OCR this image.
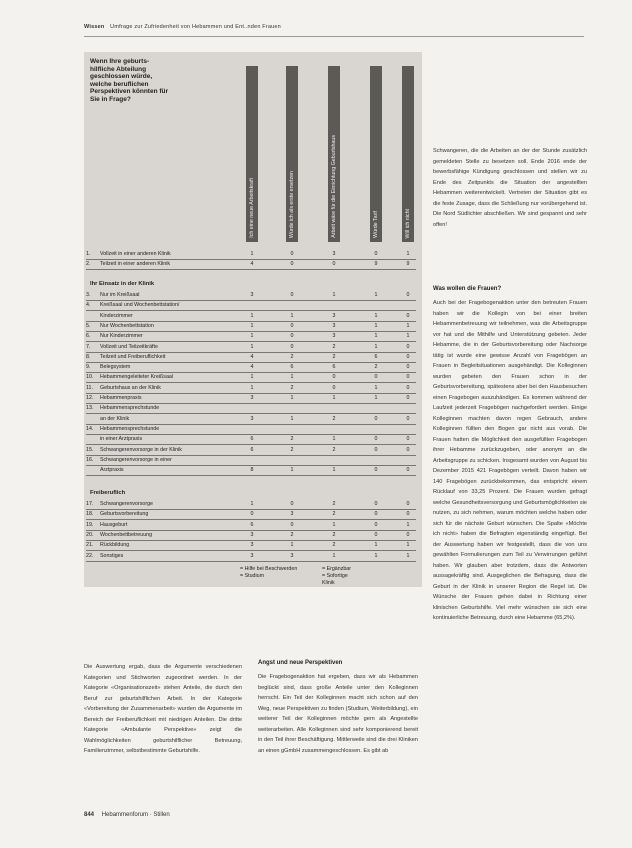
Wissen Umfrage zur Zufriedenheit von Hebammen und Ent..nden Frauen
Wenn Ihre geburts-hilfliche Abteilung geschlossen würde, welche beruflichen Perspektiven könnten für Sie in Frage?
Ich eine neue Arbeitskraft	Würde ich als erste ersetzen	Arbeit wäre für die Einrichtung Geburtshaus	Würde Tarif	Will ich nicht
1. Vollzeit in einer anderen Klinik	1	0	3	0	1
2. Teilzeit in einer anderen Klinik	4	0	0	9	9
Ihr Einsatz in der Klinik
3. Nur im Kreißsaal	3	0	1	1	0
4. Kreißsaal und Wochenbettstation/
Kinderzimmer	1	1	3	1	0
5. Nur Wochenbettstation	1	0	3	1	1
6. Nur Kinderzimmer	1	0	3	1	1
7. Vollzeit und Teilzeitkräfte	1	0	2	1	0
8. Teilzeit und Freiberuflichkeit	4	2	2	6	0
9. Belegsystem	4	6	6	2	0
10. Hebammengeleiteter Kreißsaal	1	1	0	0	0
11. Geburtshaus an der Klinik	1	2	0	1	0
12. Hebammenpraxis	3	1	1	1	0
13. Hebammensprechstunde
an der Klinik	3	1	2	0	0
14. Hebammensprechstunde
in einer Arztpraxis	6	2	1	0	0
15. Schwangerenvorsorge in der Klinik	6	2	2	0	0
16. Schwangerenvorsorge in einer
Arztpraxis	8	1	1	0	0
Freiberuflich
17. Schwangerenvorsorge	1	0	2	0	0
18. Geburtsvorbereitung	0	3	2	0	0
19. Hausgeburt	6	0	1	0	1
20. Wochenbettbetreuung	3	2	2	0	0
21. Rückbildung	3	1	2	1	1
22. Sonstiges	3	3	1	1	1
= Hilfe bei Beschwerden
= Studium
= Ergänzbar
= Sofortige
Klinik

Schwangeren, die die Arbeiten an der der Stunde zusätzlich gemeldeten Stelle zu besetzen soll. Ende 2016 ende der bewerbsfähige Kündigung geschlossen und stellen wir zu Ende des Zeitpunkts die Situation der angestellten Hebammen weiterentwickelt. Vertreten der Situation gibt es die feste Zusage, dass die Schließung nur vorübergehend ist. Die Nord Südlichter abschließen. Wir sind gespannt und sehr offen!

Was wollen die Frauen?

Auch bei der Fragebogenaktion unter den betreuten Frauen haben wir die Kollegin von bei einer breiten Hebammenbetreuung wir teilnehmen, was die Arbeitsgruppe vor hat und die Mithilfe und Unterstützung gebeten. Jeder Hebamme, die in der Geburtsvorbereitung oder Nachsorge tätig ist wurde eine gewisse Anzahl von Fragebögen an Frauen in Begleitsituationen ausgehändigt. Die Kolleginnen wurden gebeten den Frauen schon in der Geburtsvorbereitung, spätestens aber bei den Hausbesuchen einen Fragebogen auszuhändigen. Es kommen während der Laufzeit jederzeit Fragebögen nachgefordert werden. Einige Kolleginnen machten davon regen Gebrauch, andere Kolleginnen füllten den Bogen gar nicht aus vorab. Die Frauen hatten die Möglichkeit den ausgefüllten Fragebogen ihrer Hebamme zurückzugeben, oder anonym an die Arbeitsgruppe zu schicken. Insgesamt wurden von August bis Dezember 2015 421 Fragebögen verteilt. Davon haben wir 140 Fragebögen zurückbekommen, das entspricht einem Rücklauf von 33,25 Prozent. Die Frauen wurden gefragt welche Gesundheitsversorgung und Geburtsmöglichkeiten sie nutzen, zu sich nehmen, warum möchten welche haben oder sich für die nächste Geburt wünschen. Die Spalte «Möchte ich nicht» haben die Befragten eigenständig eingefügt. Bei der Auswertung haben wir festgestellt, dass die von uns gewählten Formulierungen zum Teil zu Verwirrungen geführt haben. Wir glauben aber trotzdem, dass die Antworten aussagekräftig sind. Ausgeglichen die Befragung, dass die Geburt in der Klinik in unserer Region die Regel ist. Die Wünsche der Frauen gehen dabei in Richtung einer klinischen Geburtshilfe. Viel mehr wünschen sie sich eine kontinuierliche Betreuung, durch eine Hebamme (65,2%).

Die Auswertung ergab, dass die Argumente verschiedenen Kategorien und Stichworten zugeordnet werden. In der Kategorie «Organisationszeit» stehen Anteile, die durch den Beruf zur geburtshilflichen Arbeit. In der Kategorie «Vorbereitung der Zusammenarbeit» wurden die Argumente im Bereich der Freiberuflichkeit mit niedrigen Anteilen. Die dritte Kategorie «Ambulante Perspektive» zeigt die Wahlmöglichkeiten geburtshilflicher Betreuung, Familienzimmer, selbstbestimmte Geburtshilfe.

Angst und neue Perspektiven

Die Fragebogenaktion hat ergeben, dass wir als Hebammen beglückt sind, dass große Anteile unter den Kolleginnen herrscht. Ein Teil der Kolleginnen macht sich schon auf den Weg, neue Perspektiven zu finden (Studium, Weiterbildung), ein weiterer Teil der Kolleginnen möchte gern als Angestellte weiterarbeiten. Alle Kolleginnen sind sehr komponierend bereit in den Teil ihrer Beschäftigung. Mittlerweile sind die drei Kliniken an einen gGmbH zusammengeschlossen. Es gibt ab

844 Hebammenforum · Stillen
